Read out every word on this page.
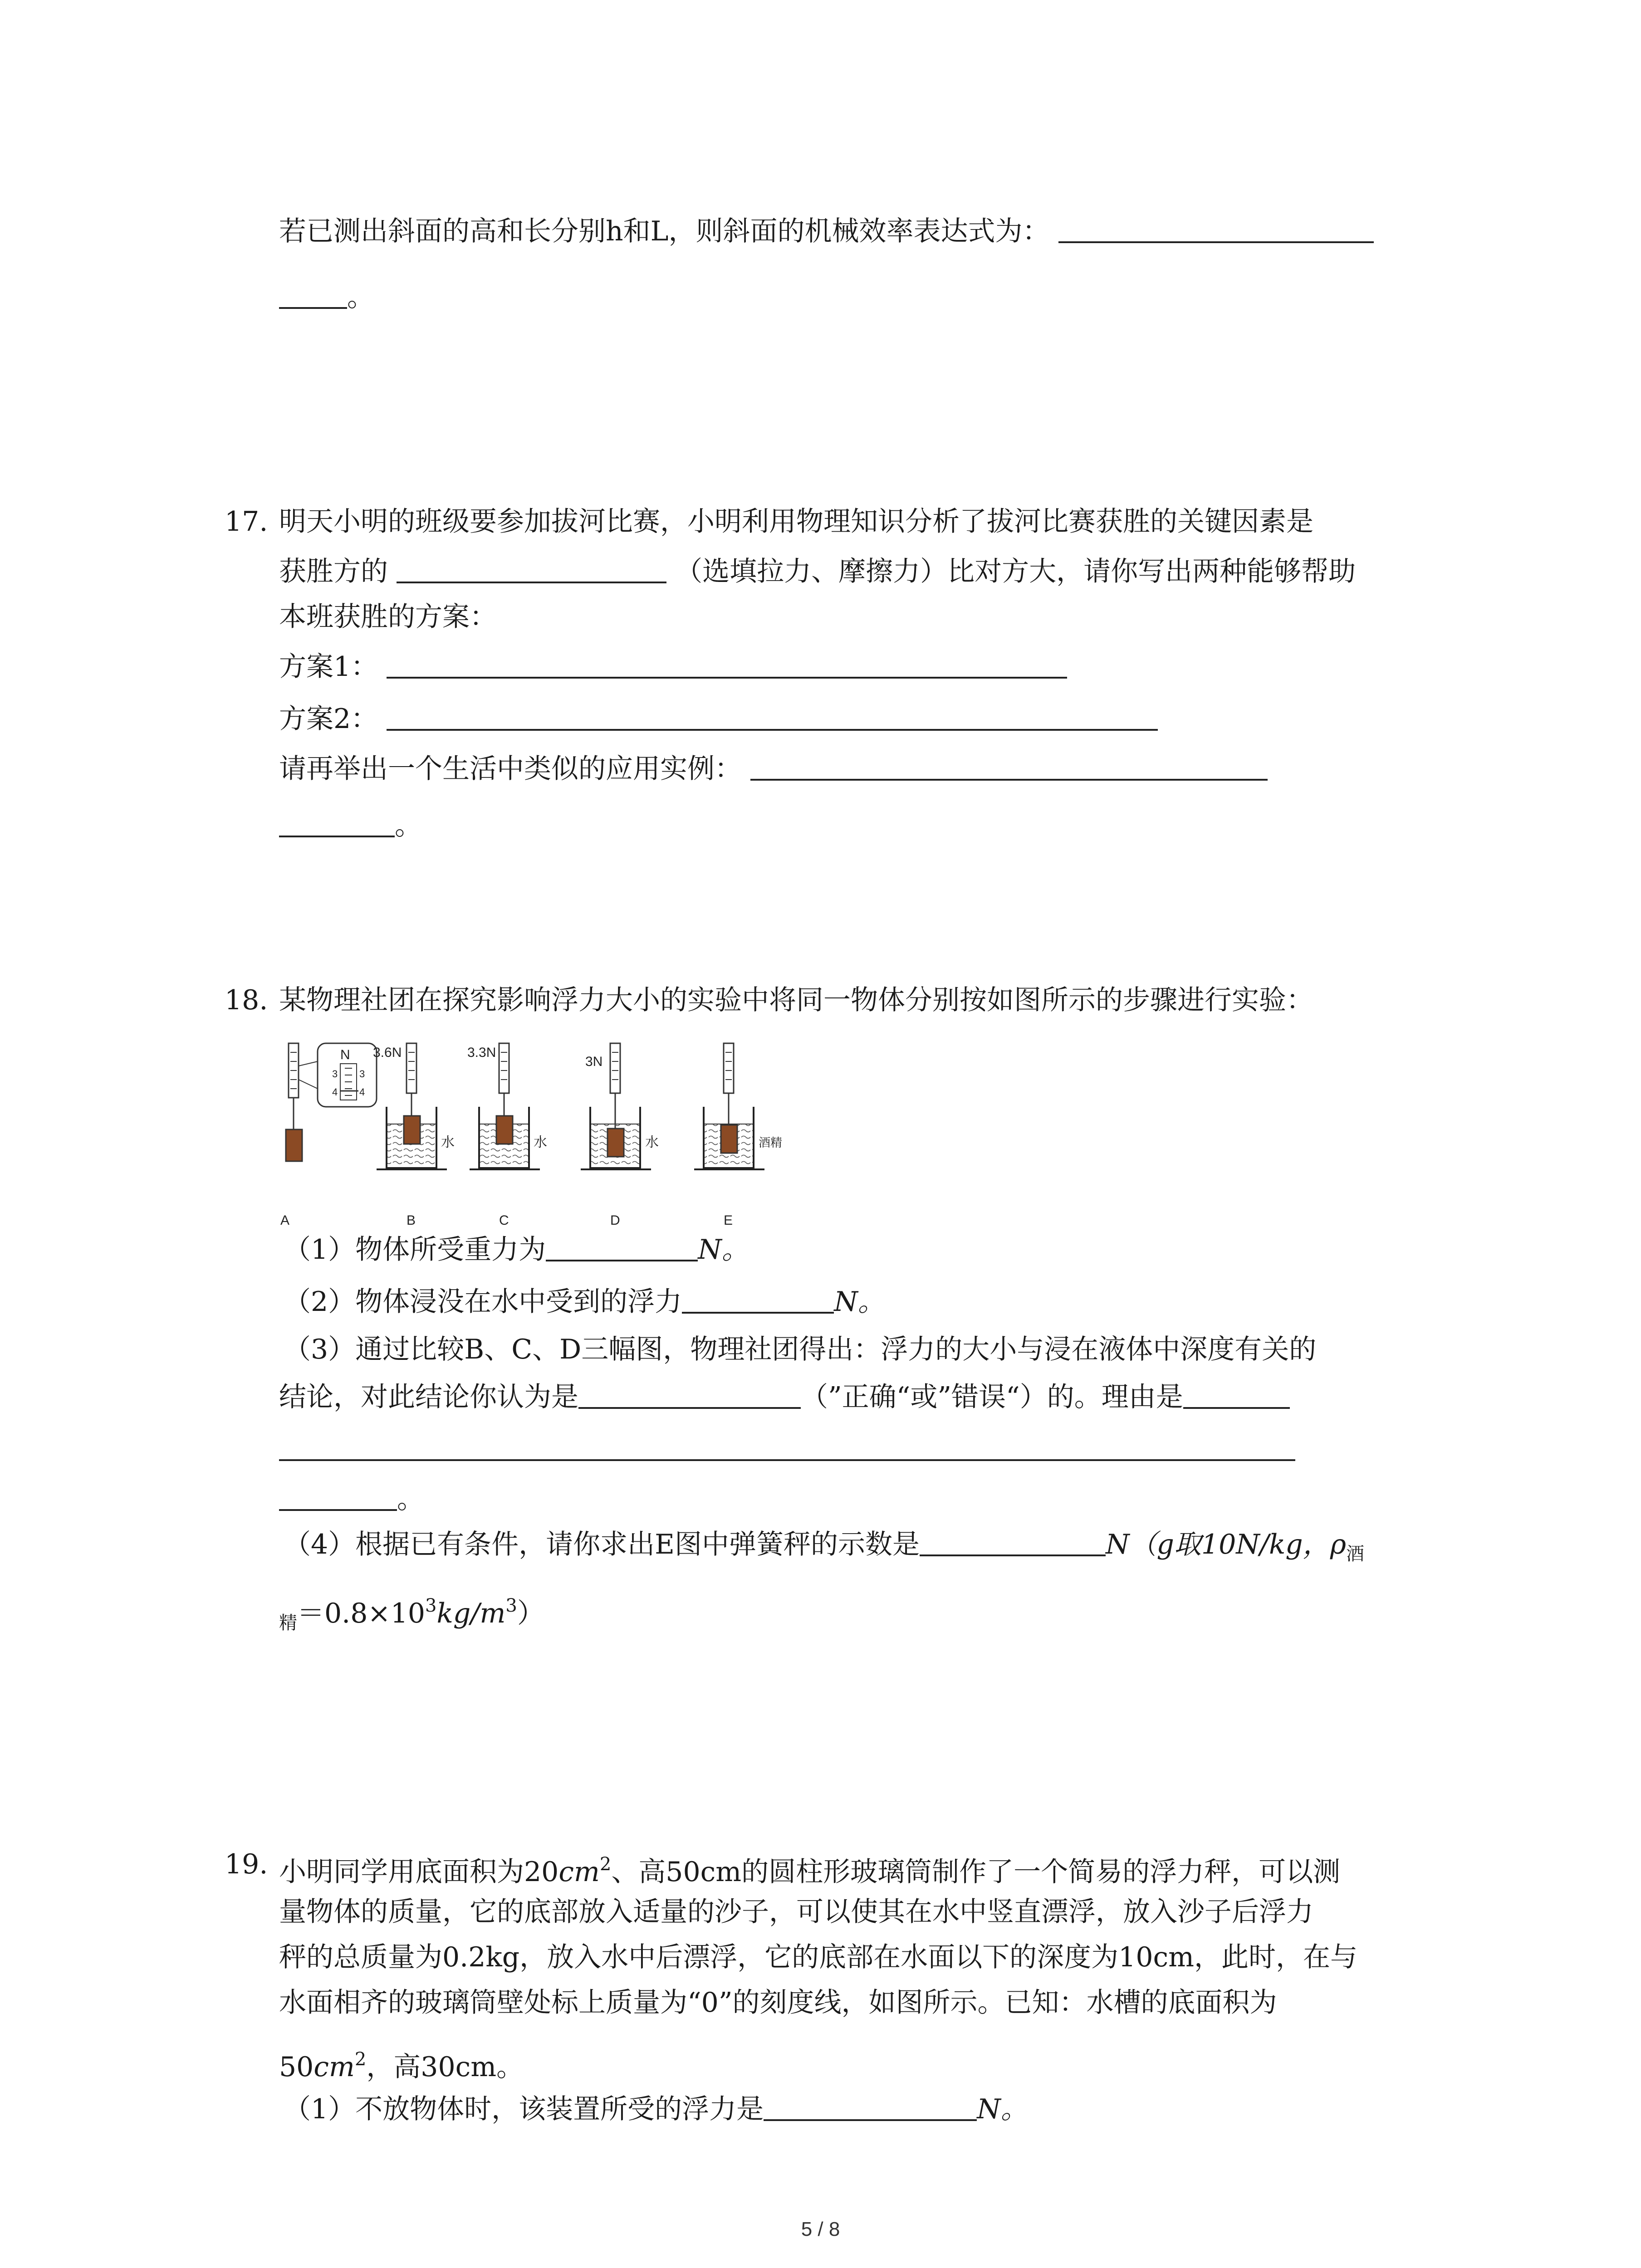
若已测出斜面的高和长分别h和L，则斜面的机械效率表达式为：
。
17. 明天小明的班级要参加拔河比赛，小明利用物理知识分析了拔河比赛获胜的关键因素是
获胜方的	（选填拉力、摩擦力）比对方大，请你写出两种能够帮助
本班获胜的方案：
方案1：
方案2：
请再举出一个生活中类似的应用实例：
。
18. 某物理社团在探究影响浮力大小的实验中将同一物体分别按如图所示的步骤进行实验：
N
3
4
3
4
A
3.6N
水
B
3.3N
水
C
3N
水
D
酒精
E
（1）物体所受重力为	N。
（2）物体浸没在水中受到的浮力	N。
（3）通过比较B、C、D三幅图，物理社团得出：浮力的大小与浸在液体中深度有关的
结论，对此结论你认为是	（”正确“或”错误“）的。理由是
。
（4）根据已有条件，请你求出E图中弹簧秤的示数是	N（g取10N/kg，$\rho_酒$
$_精=0.8\times 10^3kg/m^3$）
19. 小明同学用底面积为$20cm^2$、高50cm的圆柱形玻璃筒制作了一个简易的浮力秤，可以测
量物体的质量，它的底部放入适量的沙子，可以使其在水中竖直漂浮，放入沙子后浮力
秤的总质量为0.2kg，放入水中后漂浮，它的底部在水面以下的深度为10cm，此时，在与
水面相齐的玻璃筒壁处标上质量为“0”的刻度线，如图所示。已知：水槽的底面积为
$50cm^2$，高30cm。
（1）不放物体时，该装置所受的浮力是	N。
5 / 8
